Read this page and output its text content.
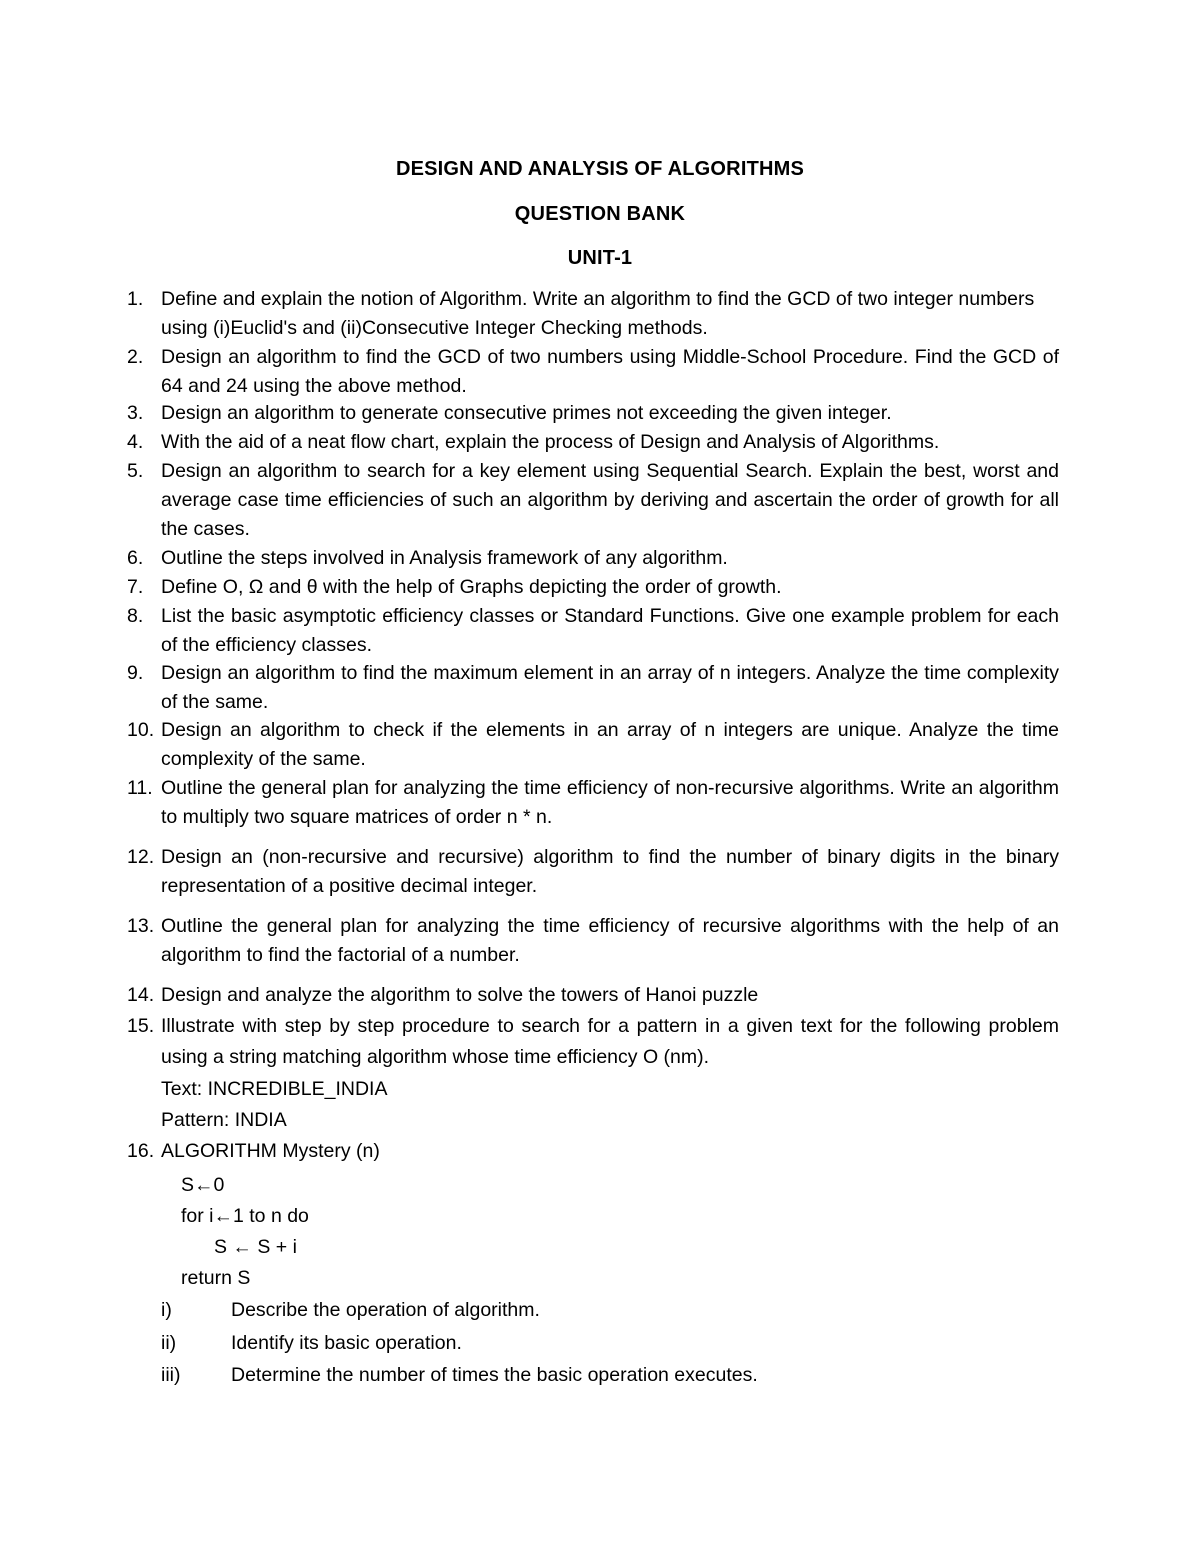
DESIGN AND ANALYSIS OF ALGORITHMS
QUESTION BANK
UNIT-1
1. Define and explain the notion of Algorithm. Write an algorithm to find the GCD of two integer numbers using (i)Euclid's and (ii)Consecutive Integer Checking methods.
2. Design an algorithm to find the GCD of two numbers using Middle-School Procedure. Find the GCD of 64 and 24 using the above method.
3. Design an algorithm to generate consecutive primes not exceeding the given integer.
4. With the aid of a neat flow chart, explain the process of Design and Analysis of Algorithms.
5. Design an algorithm to search for a key element using Sequential Search. Explain the best, worst and average case time efficiencies of such an algorithm by deriving and ascertain the order of growth for all the cases.
6. Outline the steps involved in Analysis framework of any algorithm.
7. Define O, Ω and θ with the help of Graphs depicting the order of growth.
8. List the basic asymptotic efficiency classes or Standard Functions. Give one example problem for each of the efficiency classes.
9. Design an algorithm to find the maximum element in an array of n integers. Analyze the time complexity of the same.
10. Design an algorithm to check if the elements in an array of n integers are unique. Analyze the time complexity of the same.
11. Outline the general plan for analyzing the time efficiency of non-recursive algorithms. Write an algorithm to multiply two square matrices of order n * n.
12. Design an (non-recursive and recursive) algorithm to find the number of binary digits in the binary representation of a positive decimal integer.
13. Outline the general plan for analyzing the time efficiency of recursive algorithms with the help of an algorithm to find the factorial of a number.
14. Design and analyze the algorithm to solve the towers of Hanoi puzzle
15. Illustrate with step by step procedure to search for a pattern in a given text for the following problem using a string matching algorithm whose time efficiency O (nm).
Text: INCREDIBLE_INDIA
Pattern: INDIA
16. ALGORITHM Mystery (n)
S←0
for i←1 to n do
S ← S + i
return S
i)	Describe the operation of algorithm.
ii)	Identify its basic operation.
iii)	Determine the number of times the basic operation executes.
